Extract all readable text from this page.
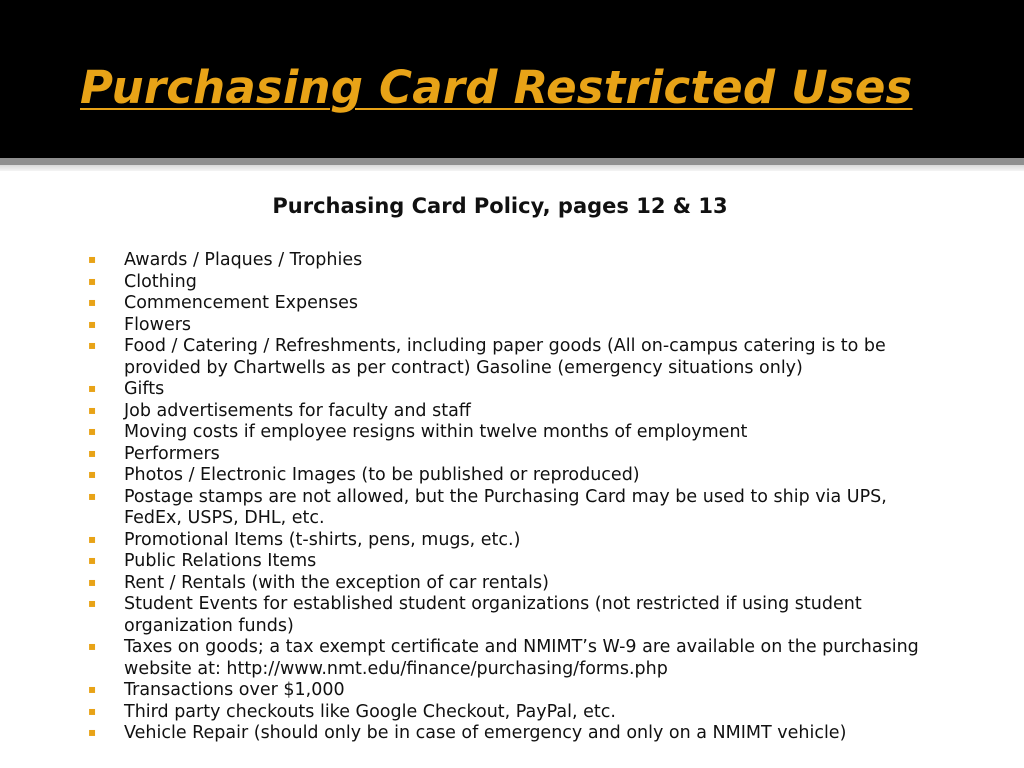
Purchasing Card Restricted Uses
Purchasing Card Policy, pages 12 & 13
▪ Awards / Plaques / Trophies
▪ Clothing
▪ Commencement Expenses
▪ Flowers
▪ Food / Catering / Refreshments, including paper goods (All on-campus catering is to be provided by Chartwells as per contract) Gasoline (emergency situations only)
▪ Gifts
▪ Job advertisements for faculty and staff
▪ Moving costs if employee resigns within twelve months of employment
▪ Performers
▪ Photos / Electronic Images (to be published or reproduced)
▪ Postage stamps are not allowed, but the Purchasing Card may be used to ship via UPS, FedEx, USPS, DHL, etc.
▪ Promotional Items (t-shirts, pens, mugs, etc.)
▪ Public Relations Items
▪ Rent / Rentals (with the exception of car rentals)
▪ Student Events for established student organizations (not restricted if using student organization funds)
▪ Taxes on goods; a tax exempt certificate and NMIMT’s W-9 are available on the purchasing website at: http://www.nmt.edu/finance/purchasing/forms.php
▪ Transactions over $1,000
▪ Third party checkouts like Google Checkout, PayPal, etc.
▪ Vehicle Repair (should only be in case of emergency and only on a NMIMT vehicle)
